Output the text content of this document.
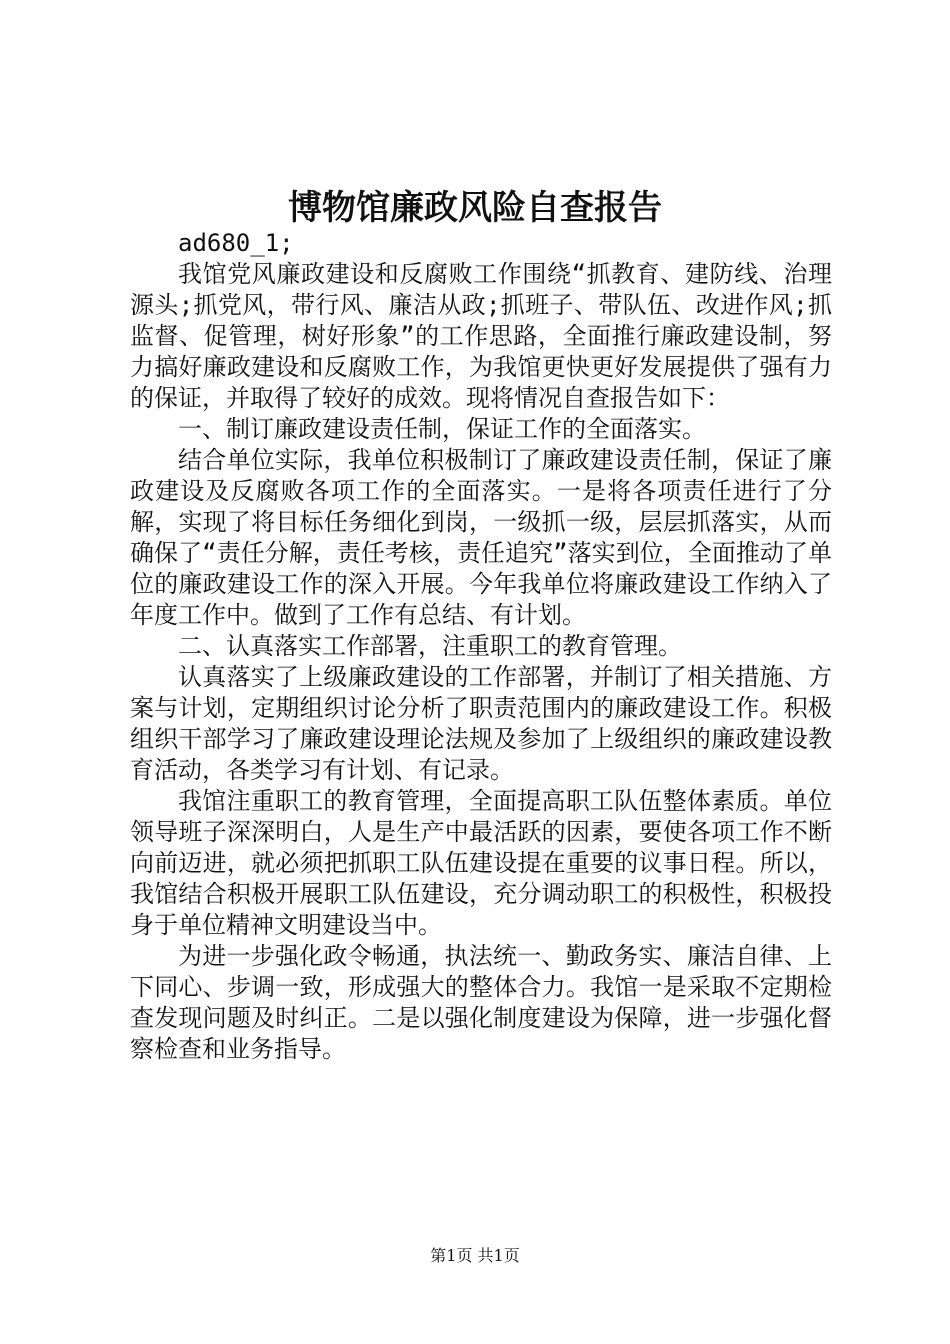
博物馆廉政风险自查报告

ad680_1;

我馆党风廉政建设和反腐败工作围绕“抓教育、建防线、治理源头;抓党风，带行风、廉洁从政;抓班子、带队伍、改进作风;抓监督、促管理，树好形象”的工作思路，全面推行廉政建设制，努力搞好廉政建设和反腐败工作，为我馆更快更好发展提供了强有力的保证，并取得了较好的成效。现将情况自查报告如下：

一、制订廉政建设责任制，保证工作的全面落实。

结合单位实际，我单位积极制订了廉政建设责任制，保证了廉政建设及反腐败各项工作的全面落实。一是将各项责任进行了分解，实现了将目标任务细化到岗，一级抓一级，层层抓落实，从而确保了“责任分解，责任考核，责任追究”落实到位，全面推动了单位的廉政建设工作的深入开展。今年我单位将廉政建设工作纳入了年度工作中。做到了工作有总结、有计划。

二、认真落实工作部署，注重职工的教育管理。

认真落实了上级廉政建设的工作部署，并制订了相关措施、方案与计划，定期组织讨论分析了职责范围内的廉政建设工作。积极组织干部学习了廉政建设理论法规及参加了上级组织的廉政建设教育活动，各类学习有计划、有记录。

我馆注重职工的教育管理，全面提高职工队伍整体素质。单位领导班子深深明白，人是生产中最活跃的因素，要使各项工作不断向前迈进，就必须把抓职工队伍建设提在重要的议事日程。所以，我馆结合积极开展职工队伍建设，充分调动职工的积极性，积极投身于单位精神文明建设当中。

为进一步强化政令畅通，执法统一、勤政务实、廉洁自律、上下同心、步调一致，形成强大的整体合力。我馆一是采取不定期检查发现问题及时纠正。二是以强化制度建设为保障，进一步强化督察检查和业务指导。

第1页 共1页
